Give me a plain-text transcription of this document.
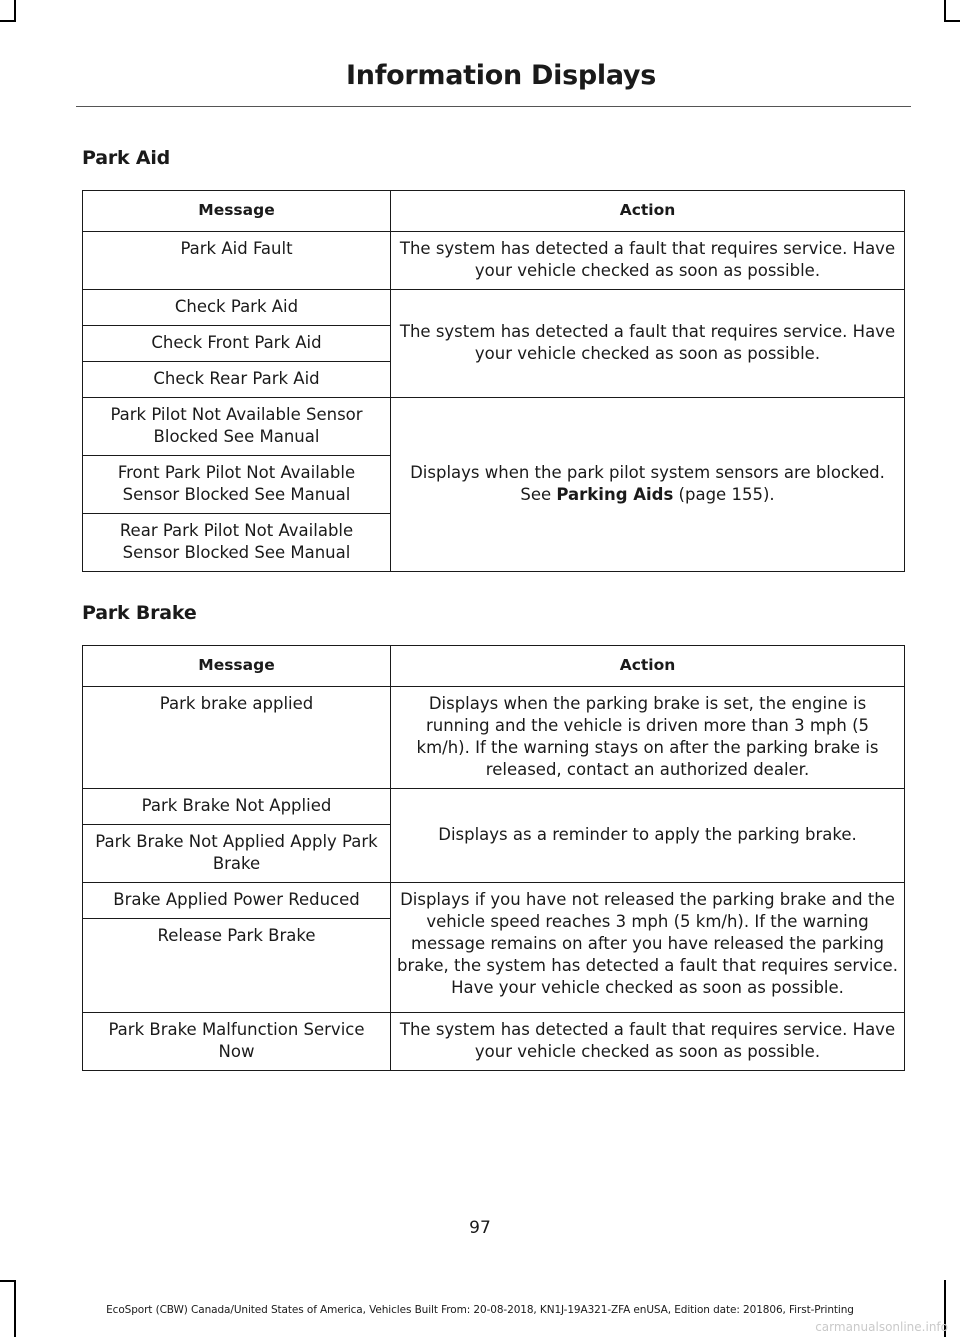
Information Displays
Park Aid
Message	Action
Park Aid Fault	The system has detected a fault that requires service. Have your vehicle checked as soon as possible.
Check Park Aid	The system has detected a fault that requires service. Have your vehicle checked as soon as possible.
Check Front Park Aid	
Check Rear Park Aid	
Park Pilot Not Available Sensor Blocked See Manual	Displays when the park pilot system sensors are blocked. See Parking Aids (page 155).
Front Park Pilot Not Available Sensor Blocked See Manual	
Rear Park Pilot Not Available Sensor Blocked See Manual	
Park Brake
Message	Action
Park brake applied	Displays when the parking brake is set, the engine is running and the vehicle is driven more than 3 mph (5 km/h). If the warning stays on after the parking brake is released, contact an authorized dealer.
Park Brake Not Applied	Displays as a reminder to apply the parking brake.
Park Brake Not Applied Apply Park Brake	
Brake Applied Power Reduced	Displays if you have not released the parking brake and the vehicle speed reaches 3 mph (5 km/h). If the warning message remains on after you have released the parking brake, the system has detected a fault that requires service. Have your vehicle checked as soon as possible.
Release Park Brake	
Park Brake Malfunction Service Now	The system has detected a fault that requires service. Have your vehicle checked as soon as possible.
97
EcoSport (CBW) Canada/United States of America, Vehicles Built From: 20-08-2018, KN1J-19A321-ZFA enUSA, Edition date: 201806, First-Printing
carmanualsonline.info
